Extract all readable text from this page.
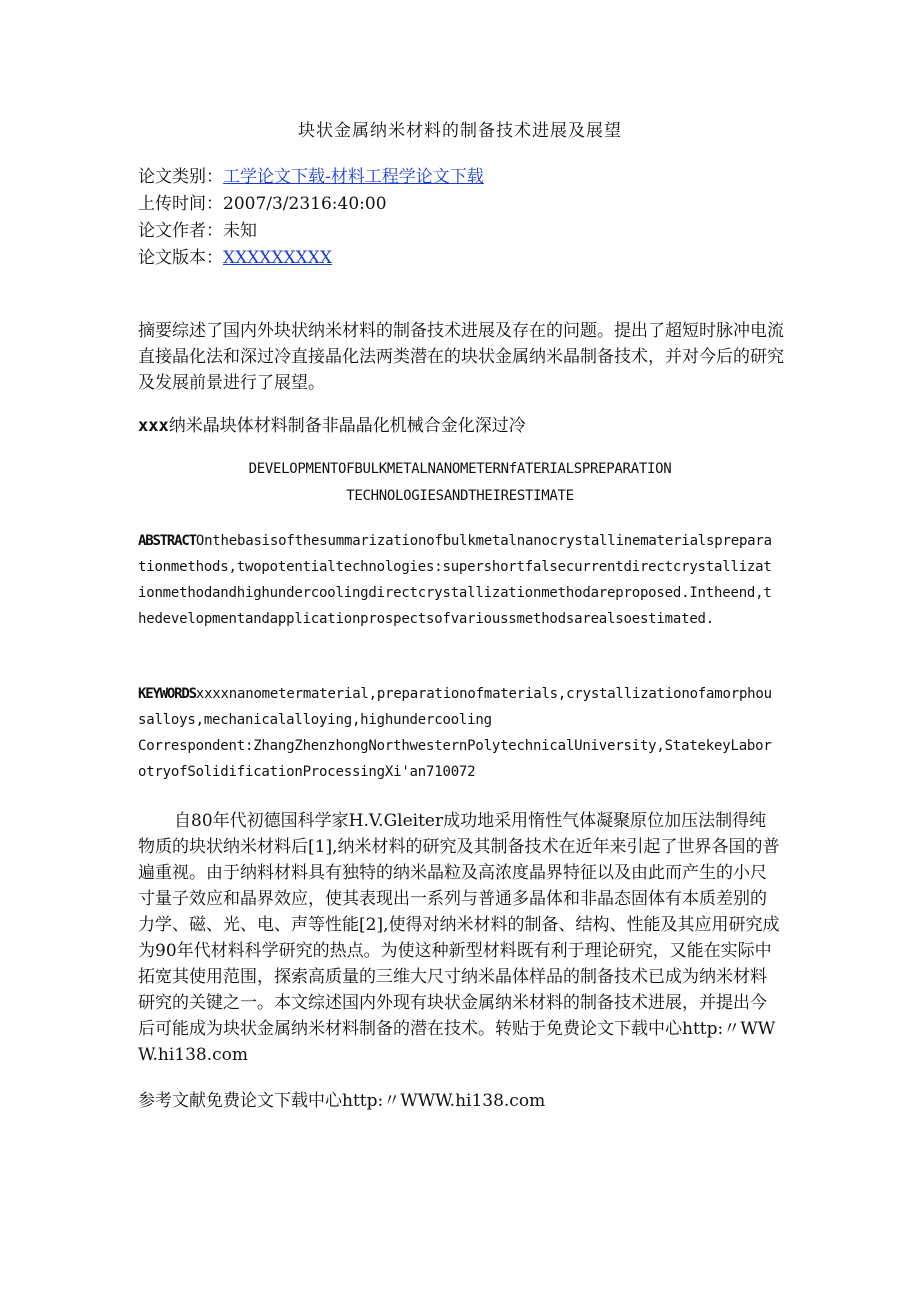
块状金属纳米材料的制备技术进展及展望
论文类别：工学论文下载-材料工程学论文下载
上传时间：2007/3/2316:40:00
论文作者：未知
论文版本：XXXXXXXXX
摘要综述了国内外块状纳米材料的制备技术进展及存在的问题。提出了超短时脉冲电流直接晶化法和深过冷直接晶化法两类潜在的块状金属纳米晶制备技术，并对今后的研究及发展前景进行了展望。
xxx纳米晶块体材料制备非晶晶化机械合金化深过冷
DEVELOPMENTOFBULKMETALNANOMETERNfATERIALSPREPARATION
TECHNOLOGIESANDTHEIRESTIMATE
ABSTRACTOnthebasisofthesummarizationofbulkmetalnanocrystallinematerialspreparationmethods,twopotentialtechnologies:supershortfalsecurrentdirectcrystallizationmethodandhighundercoolingdirectcrystallizationmethodareproposed.Intheend,thedevelopmentandapplicationprospectsofvarioussmethodsarealsoestimated.
KEYWORDSxxxxnanometermaterial,preparationofmaterials,crystallizationofamorphousalloys,mechanicalalloying,highundercooling
Correspondent:ZhangZhenzhongNorthwesternPolytechnicalUniversity,StatekeyLaborotryofSolidificationProcessingXi'an710072
自80年代初德国科学家H.V.Gleiter成功地采用惰性气体凝聚原位加压法制得纯物质的块状纳米材料后[1],纳米材料的研究及其制备技术在近年来引起了世界各国的普遍重视。由于纳料材料具有独特的纳米晶粒及高浓度晶界特征以及由此而产生的小尺寸量子效应和晶界效应，使其表现出一系列与普通多晶体和非晶态固体有本质差别的力学、磁、光、电、声等性能[2],使得对纳米材料的制备、结构、性能及其应用研究成为90年代材料科学研究的热点。为使这种新型材料既有利于理论研究，又能在实际中拓宽其使用范围，探索高质量的三维大尺寸纳米晶体样品的制备技术已成为纳米材料研究的关键之一。本文综述国内外现有块状金属纳米材料的制备技术进展，并提出今后可能成为块状金属纳米材料制备的潜在技术。转贴于免费论文下载中心http:〃WWW.hi138.com
参考文献免费论文下载中心http:〃WWW.hi138.com
